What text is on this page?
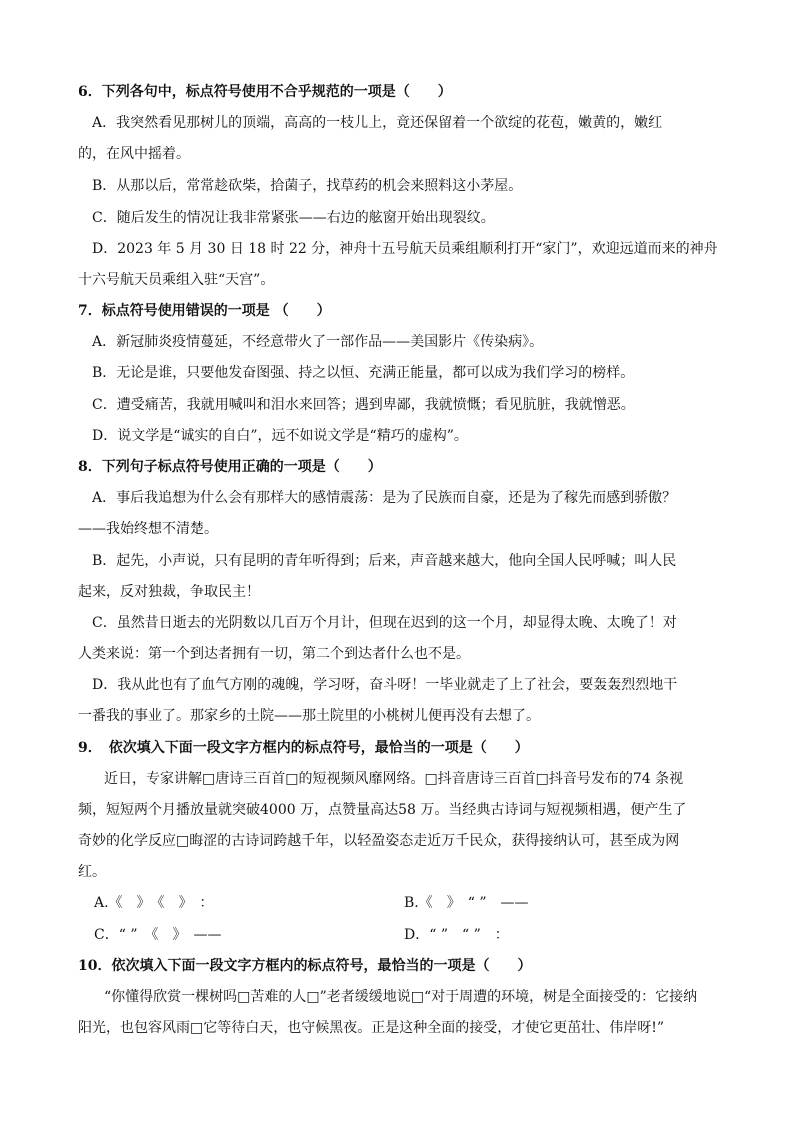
6．下列各句中，标点符号使用不合乎规范的一项是（　　）
A．我突然看见那树儿的顶端，高高的一枝儿上，竟还保留着一个欲绽的花苞，嫩黄的，嫩红
的，在风中摇着。
B．从那以后，常常趁砍柴，拾菌子，找草药的机会来照料这小茅屋。
C．随后发生的情况让我非常紧张——右边的舷窗开始出现裂纹。
D．2023 年 5 月 30 日 18 时 22 分，神舟十五号航天员乘组顺利打开“家门”，欢迎远道而来的神舟
十六号航天员乘组入驻“天宫”。
7．标点符号使用错误的一项是 （　　）
A．新冠肺炎疫情蔓延，不经意带火了一部作品——美国影片《传染病》。
B．无论是谁，只要他发奋图强、持之以恒、充满正能量，都可以成为我们学习的榜样。
C．遭受痛苦，我就用喊叫和泪水来回答；遇到卑鄙，我就愤慨；看见肮脏，我就憎恶。
D．说文学是“诚实的自白”，远不如说文学是“精巧的虚构”。
8．下列句子标点符号使用正确的一项是（　　）
A．事后我追想为什么会有那样大的感情震荡：是为了民族而自豪，还是为了稼先而感到骄傲？
——我始终想不清楚。
B．起先，小声说，只有昆明的青年听得到；后来，声音越来越大，他向全国人民呼喊；叫人民
起来，反对独裁，争取民主！
C．虽然昔日逝去的光阴数以几百万个月计，但现在迟到的这一个月，却显得太晚、太晚了！对
人类来说：第一个到达者拥有一切，第二个到达者什么也不是。
D．我从此也有了血气方刚的魂魄，学习呀，奋斗呀！一毕业就走了上了社会，要轰轰烈烈地干
一番我的事业了。那家乡的土院——那土院里的小桃树儿便再没有去想了。
9．　依次填入下面一段文字方框内的标点符号，最恰当的一项是（　　）
近日，专家讲解□唐诗三百首□的短视频风靡网络。□抖音唐诗三百首□抖音号发布的74 条视
频，短短两个月播放量就突破4000 万，点赞量高达58 万。当经典古诗词与短视频相遇，便产生了
奇妙的化学反应□晦涩的古诗词跨越千年，以轻盈姿态走近万千民众，获得接纳认可，甚至成为网
红。
A.《　》　《　》　：	B.《　》　“ ”　——
C．“ ”　《　》　——	D．“ ”　“ ”　：
10．依次填入下面一段文字方框内的标点符号，最恰当的一项是（　　）
“你懂得欣赏一棵树吗□苦难的人□”老者缓缓地说□“对于周遭的环境，树是全面接受的：它接纳
阳光，也包容风雨□它等待白天，也守候黑夜。正是这种全面的接受，才使它更茁壮、伟岸呀!”
